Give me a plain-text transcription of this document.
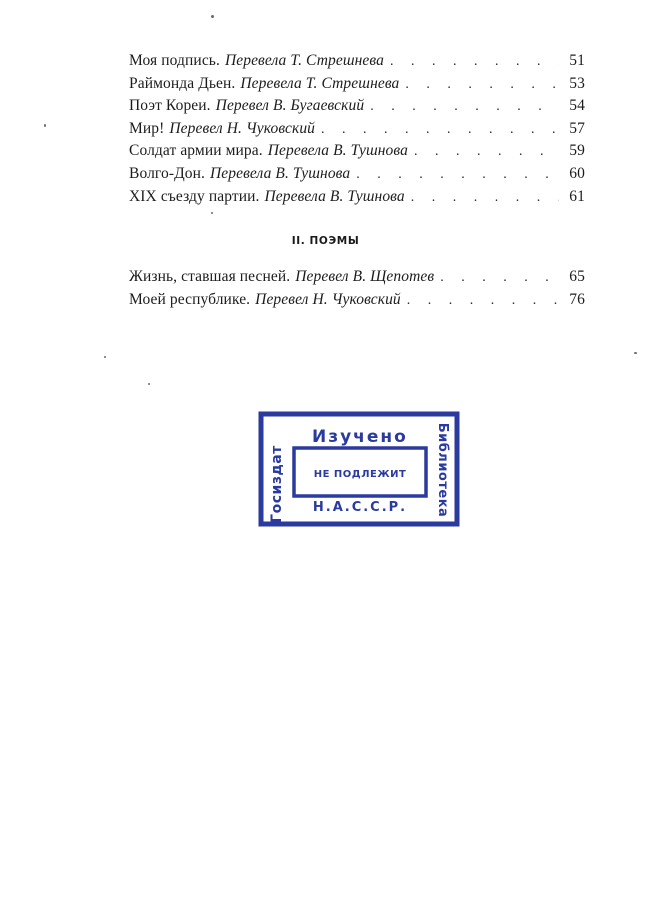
Моя подпись. Перевела Т. Стрешнева . . .	51
Раймонда Дьен. Перевела Т. Стрешнева . . .	53
Поэт Кореи. Перевел В. Бугаевский . . .	54
Мир! Перевел Н. Чуковский . . .	57
Солдат армии мира. Перевела В. Тушнова . . .	59
Волго-Дон. Перевела В. Тушнова . . .	60
XIX съезду партии. Перевела В. Тушнова . . .	61
II. ПОЭМЫ
Жизнь, ставшая песней. Перевел В. Щепотев . . .	65
Моей республике. Перевел Н. Чуковский . . .	76
Изучено
НЕ ПОДЛЕЖИТ
Н.А.С.С.Р.
Госиздат	Библиотека
